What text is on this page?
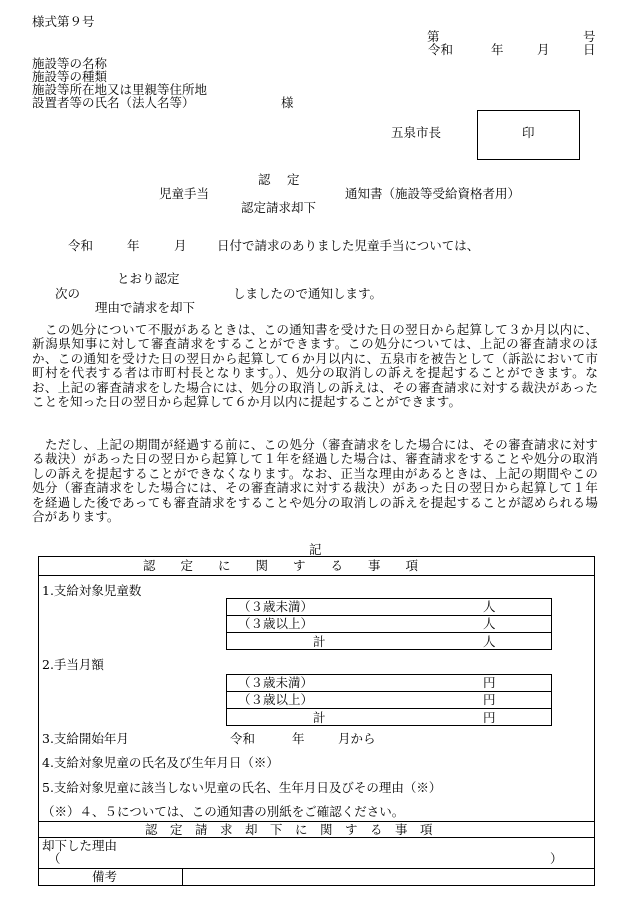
様式第９号
第	号
令和	年	月	日
施設等の名称
施設等の種類
施設等所在地又は里親等住所地
設置者等の氏名（法人名等）	様
五泉市長	印
認　定
児童手当	通知書（施設等受給資格者用）
認定請求却下
令和	年	月 日付で請求のありました児童手当については、
とおり認定
次の	しましたので通知します。
理由で請求を却下
この処分について不服があるときは、この通知書を受けた日の翌日から起算して３か月以内に、新潟県知事に対して審査請求をすることができます。この処分については、上記の審査請求のほか、この通知を受けた日の翌日から起算して６か月以内に、五泉市を被告として（訴訟において市町村を代表する者は市町村長となります。）、処分の取消しの訴えを提起することができます。なお、上記の審査請求をした場合には、処分の取消しの訴えは、その審査請求に対する裁決があったことを知った日の翌日から起算して６か月以内に提起することができます。
ただし、上記の期間が経過する前に、この処分（審査請求をした場合には、その審査請求に対する裁決）があった日の翌日から起算して１年を経過した場合は、審査請求をすることや処分の取消しの訴えを提起することができなくなります。なお、正当な理由があるときは、上記の期間やこの処分（審査請求をした場合には、その審査請求に対する裁決）があった日の翌日から起算して１年を経過した後であっても審査請求をすることや処分の取消しの訴えを提起することが認められる場合があります。
記
認　　定　　に　　関　　す　　る　　事　　項
1.支給対象児童数
（３歳未満）	人
（３歳以上）	人
計	人
2.手当月額
（３歳未満）	円
（３歳以上）	円
計	円
3.支給開始年月	令和	年	月から
4.支給対象児童の氏名及び生年月日（※）
5.支給対象児童に該当しない児童の氏名、生年月日及びその理由（※）
（※）４、５については、この通知書の別紙をご確認ください。
認　定　請　求　却　下　に　関　す　る　事　項
却下した理由
（	）
備考
